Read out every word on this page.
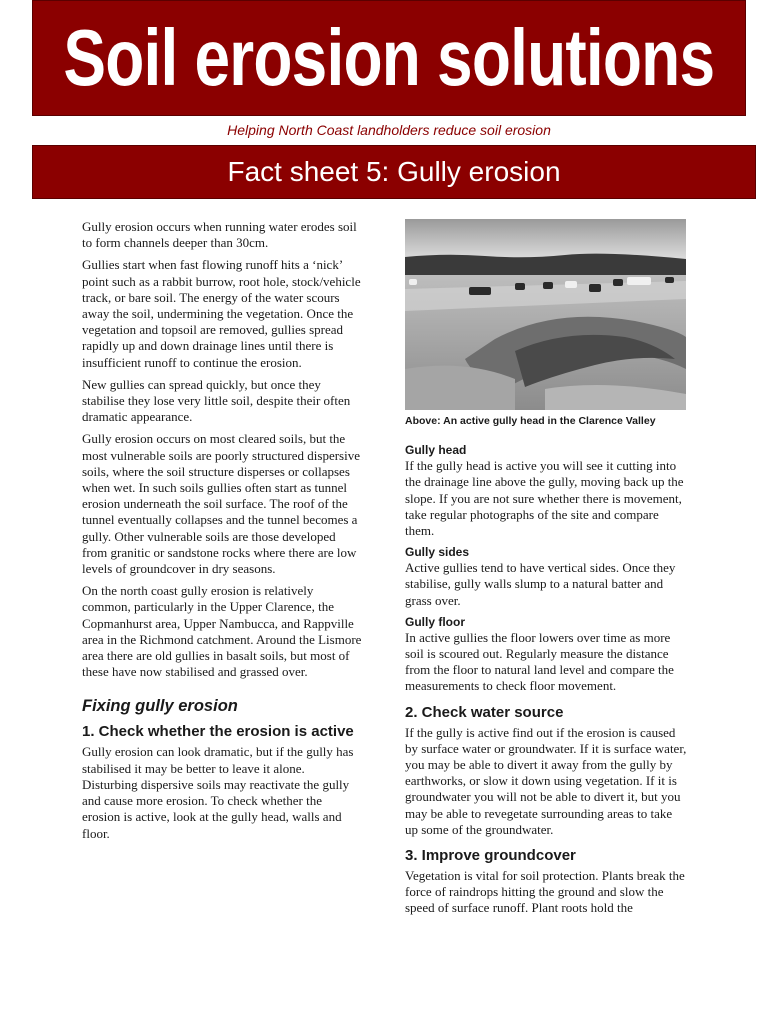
Soil erosion solutions
Helping North Coast landholders reduce soil erosion
Fact sheet 5: Gully erosion

Gully erosion occurs when running water erodes soil to form channels deeper than 30cm.

Gullies start when fast flowing runoff hits a ‘nick’ point such as a rabbit burrow, root hole, stock/vehicle track, or bare soil. The energy of the water scours away the soil, undermining the vegetation. Once the vegetation and topsoil are removed, gullies spread rapidly up and down drainage lines until there is insufficient runoff to continue the erosion.

New gullies can spread quickly, but once they stabilise they lose very little soil, despite their often dramatic appearance.

Gully erosion occurs on most cleared soils, but the most vulnerable soils are poorly structured dispersive soils, where the soil structure disperses or collapses when wet. In such soils gullies often start as tunnel erosion underneath the soil surface. The roof of the tunnel eventually collapses and the tunnel becomes a gully. Other vulnerable soils are those developed from granitic or sandstone rocks where there are low levels of groundcover in dry seasons.

On the north coast gully erosion is relatively common, particularly in the Upper Clarence, the Copmanhurst area, Upper Nambucca, and Rappville area in the Richmond catchment. Around the Lismore area there are old gullies in basalt soils, but most of these have now stabilised and grassed over.

Fixing gully erosion
1. Check whether the erosion is active

Gully erosion can look dramatic, but if the gully has stabilised it may be better to leave it alone. Disturbing dispersive soils may reactivate the gully and cause more erosion. To check whether the erosion is active, look at the gully head, walls and floor.

Above: An active gully head in the Clarence Valley
Gully head

If the gully head is active you will see it cutting into the drainage line above the gully, moving back up the slope. If you are not sure whether there is movement, take regular photographs of the site and compare them.

Gully sides

Active gullies tend to have vertical sides. Once they stabilise, gully walls slump to a natural batter and grass over.

Gully floor

In active gullies the floor lowers over time as more soil is scoured out. Regularly measure the distance from the floor to natural land level and compare the measurements to check floor movement.

2. Check water source

If the gully is active find out if the erosion is caused by surface water or groundwater. If it is surface water, you may be able to divert it away from the gully by earthworks, or slow it down using vegetation. If it is groundwater you will not be able to divert it, but you may be able to revegetate surrounding areas to take up some of the groundwater.

3. Improve groundcover

Vegetation is vital for soil protection. Plants break the force of raindrops hitting the ground and slow the speed of surface runoff. Plant roots hold the
